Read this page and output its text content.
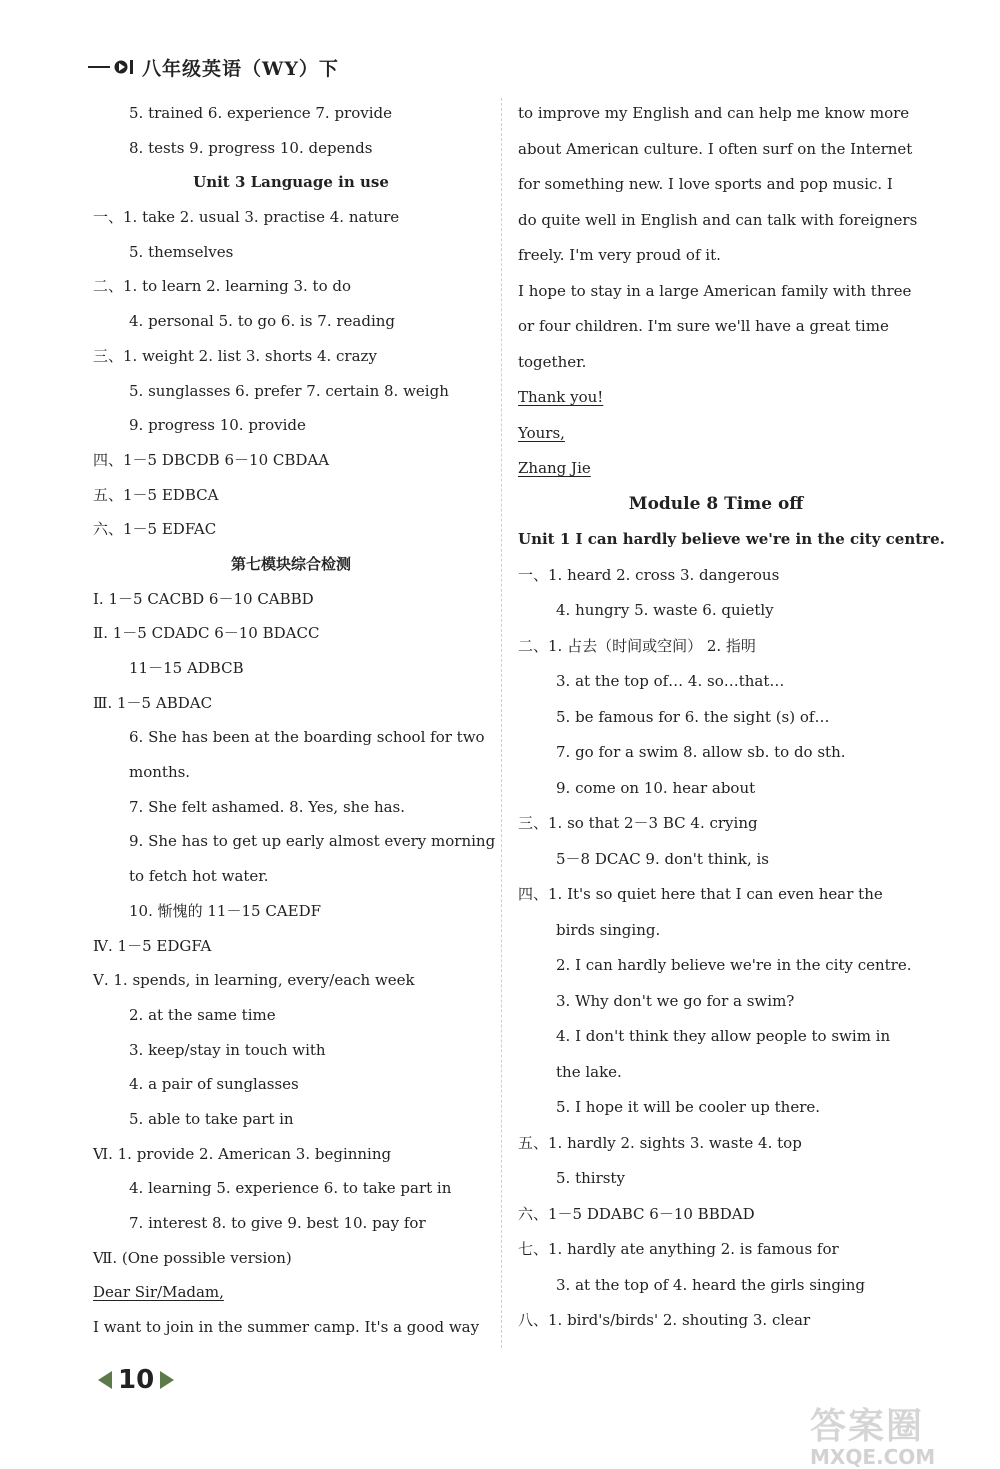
八年级英语（WY）下
5. trained 6. experience 7. provide
8. tests 9. progress 10. depends
Unit 3 Language in use
一、1. take 2. usual 3. practise 4. nature
5. themselves
二、1. to learn 2. learning 3. to do
4. personal 5. to go 6. is 7. reading
三、1. weight 2. list 3. shorts 4. crazy
5. sunglasses 6. prefer 7. certain 8. weigh
9. progress 10. provide
四、1－5 DBCDB 6－10 CBDAA
五、1－5 EDBCA
六、1－5 EDFAC
第七模块综合检测
Ⅰ. 1－5 CACBD 6－10 CABBD
Ⅱ. 1－5 CDADC 6－10 BDACC
11－15 ADBCB
Ⅲ. 1－5 ABDAC
6. She has been at the boarding school for two
months.
7. She felt ashamed. 8. Yes, she has.
9. She has to get up early almost every morning
to fetch hot water.
10. 惭愧的 11－15 CAEDF
Ⅳ. 1－5 EDGFA
Ⅴ. 1. spends, in learning, every/each week
2. at the same time
3. keep/stay in touch with
4. a pair of sunglasses
5. able to take part in
Ⅵ. 1. provide 2. American 3. beginning
4. learning 5. experience 6. to take part in
7. interest 8. to give 9. best 10. pay for
Ⅶ. (One possible version)
Dear Sir/Madam,
I want to join in the summer camp. It's a good way
to improve my English and can help me know more
about American culture. I often surf on the Internet
for something new. I love sports and pop music. I
do quite well in English and can talk with foreigners
freely. I'm very proud of it.
I hope to stay in a large American family with three
or four children. I'm sure we'll have a great time
together.
Thank you!
Yours,
Zhang Jie
Module 8 Time off
Unit 1 I can hardly believe we're in the city centre.
一、1. heard 2. cross 3. dangerous
4. hungry 5. waste 6. quietly
二、1. 占去（时间或空间） 2. 指明
3. at the top of… 4. so…that…
5. be famous for 6. the sight (s) of…
7. go for a swim 8. allow sb. to do sth.
9. come on 10. hear about
三、1. so that 2－3 BC 4. crying
5－8 DCAC 9. don't think, is
四、1. It's so quiet here that I can even hear the
birds singing.
2. I can hardly believe we're in the city centre.
3. Why don't we go for a swim?
4. I don't think they allow people to swim in
the lake.
5. I hope it will be cooler up there.
五、1. hardly 2. sights 3. waste 4. top
5. thirsty
六、1－5 DDABC 6－10 BBDAD
七、1. hardly ate anything 2. is famous for
3. at the top of 4. heard the girls singing
八、1. bird's/birds' 2. shouting 3. clear
10
答案圈
MXQE.COM
